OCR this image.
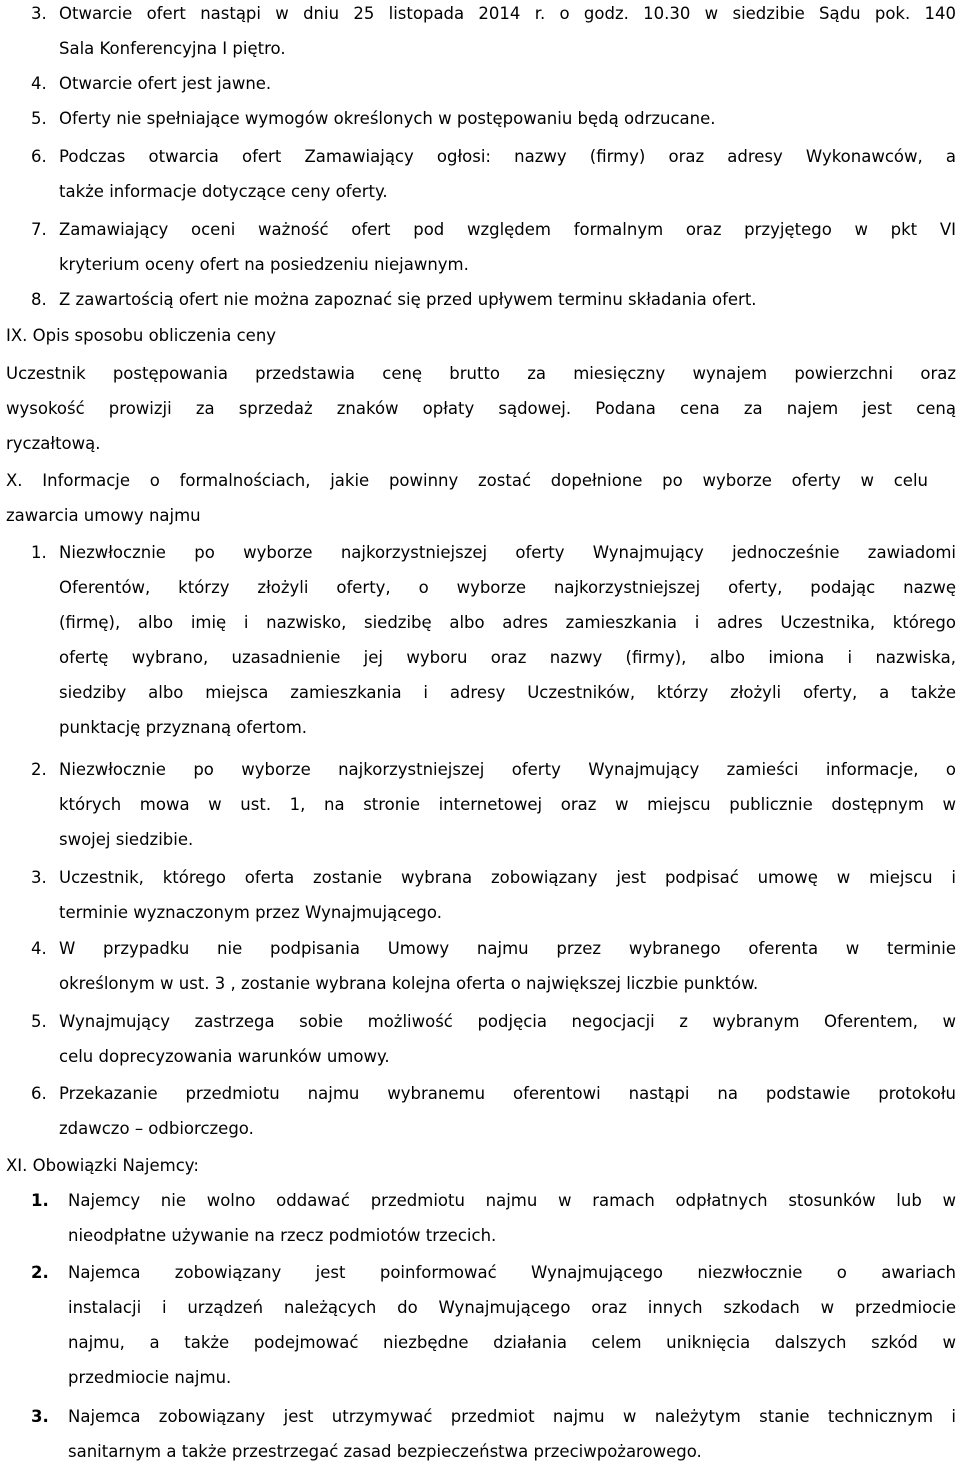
3. Otwarcie ofert nastąpi w dniu 25 listopada 2014 r. o godz. 10.30 w siedzibie Sądu pok. 140

Sala Konferencyjna I piętro.

4. Otwarcie ofert jest jawne.

5. Oferty nie spełniające wymogów określonych w postępowaniu będą odrzucane.

6. Podczas otwarcia ofert Zamawiający ogłosi: nazwy (firmy) oraz adresy Wykonawców, a

także informacje dotyczące ceny oferty.

7. Zamawiający oceni ważność ofert pod względem formalnym oraz przyjętego w pkt VI

kryterium oceny ofert na posiedzeniu niejawnym.

8. Z zawartością ofert nie można zapoznać się przed upływem terminu składania ofert.

IX. Opis sposobu obliczenia ceny

Uczestnik postępowania przedstawia cenę brutto za miesięczny wynajem powierzchni oraz

wysokość prowizji za sprzedaż znaków opłaty sądowej. Podana cena za najem jest ceną

ryczałtową.

X. Informacje o formalnościach, jakie powinny zostać dopełnione po wyborze oferty w celu

zawarcia umowy najmu

1. Niezwłocznie po wyborze najkorzystniejszej oferty Wynajmujący jednocześnie zawiadomi

Oferentów, którzy złożyli oferty, o wyborze najkorzystniejszej oferty, podając nazwę

(firmę), albo imię i nazwisko, siedzibę albo adres zamieszkania i adres Uczestnika, którego

ofertę wybrano, uzasadnienie jej wyboru oraz nazwy (firmy), albo imiona i nazwiska,

siedziby albo miejsca zamieszkania i adresy Uczestników, którzy złożyli oferty, a także

punktację przyznaną ofertom.

2. Niezwłocznie po wyborze najkorzystniejszej oferty Wynajmujący zamieści informacje, o

których mowa w ust. 1, na stronie internetowej oraz w miejscu publicznie dostępnym w

swojej siedzibie.

3. Uczestnik, którego oferta zostanie wybrana zobowiązany jest podpisać umowę w miejscu i

terminie wyznaczonym przez Wynajmującego.

4. W przypadku nie podpisania Umowy najmu przez wybranego oferenta w terminie

określonym w ust. 3 , zostanie wybrana kolejna oferta o największej liczbie punktów.

5. Wynajmujący zastrzega sobie możliwość podjęcia negocjacji z wybranym Oferentem, w

celu doprecyzowania warunków umowy.

6. Przekazanie przedmiotu najmu wybranemu oferentowi nastąpi na podstawie protokołu

zdawczo – odbiorczego.

XI. Obowiązki Najemcy:

1. Najemcy nie wolno oddawać przedmiotu najmu w ramach odpłatnych stosunków lub w

nieodpłatne używanie na rzecz podmiotów trzecich.

2. Najemca zobowiązany jest poinformować Wynajmującego niezwłocznie o awariach

instalacji i urządzeń należących do Wynajmującego oraz innych szkodach w przedmiocie

najmu, a także podejmować niezbędne działania celem uniknięcia dalszych szkód w

przedmiocie najmu.

3. Najemca zobowiązany jest utrzymywać przedmiot najmu w należytym stanie technicznym i

sanitarnym a także przestrzegać zasad bezpieczeństwa przeciwpożarowego.
